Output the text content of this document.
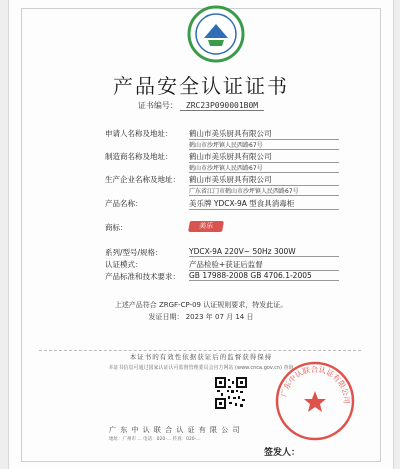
产品安全认证证书
证书编号： ZRC23P090001B0M
申请人名称及地址：	鹤山市美乐厨具有限公司
鹤山市沙坪镇人民西路67号
制造商名称及地址：	鹤山市美乐厨具有限公司
鹤山市沙坪镇人民西路67号
生产企业名称及地址：	鹤山市美乐厨具有限公司
广东省江门市鹤山市沙坪镇人民西路67号
产品名称：	美乐牌 YDCX-9A 型食具消毒柜
商标：	美乐
系列/型号/规格：	YDCX-9A 220V~ 50Hz 300W
认证模式：	产品检验+获证后监督
产品标准和技术要求：	GB 17988-2008 GB 4706.1-2005
上述产品符合 ZRGF-CP-09 认证规则要求，特发此证。
发证日期： 2023 年 07 月 14 日
本证书的有效性依据获证后的监督获得保持
本证书信息可通过国家认证认可监督管理委员会官方网站 (www.cnca.gov.cn) 查询
广 东 中 认 联 合 认 证 有 限 公 司
地址：广州市 ... 电话：020-... 传真：020-...
广东中认联合认证有限公司
签发人：
